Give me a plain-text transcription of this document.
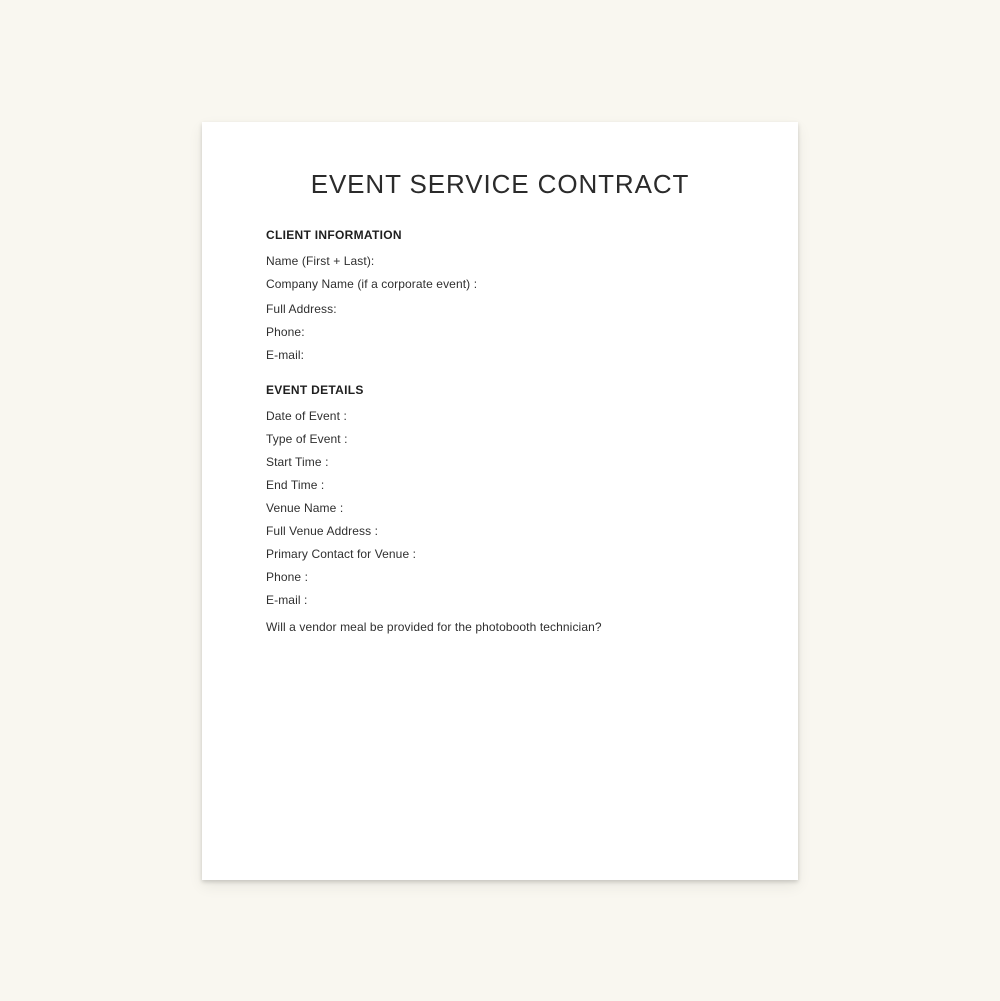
EVENT SERVICE CONTRACT
CLIENT INFORMATION
Name (First + Last):
Company Name (if a corporate event) :
Full Address:
Phone:
E-mail:
EVENT DETAILS
Date of Event :
Type of Event :
Start Time :
End Time :
Venue Name :
Full Venue Address :
Primary Contact for Venue :
Phone :
E-mail :
Will a vendor meal be provided for the photobooth technician?
